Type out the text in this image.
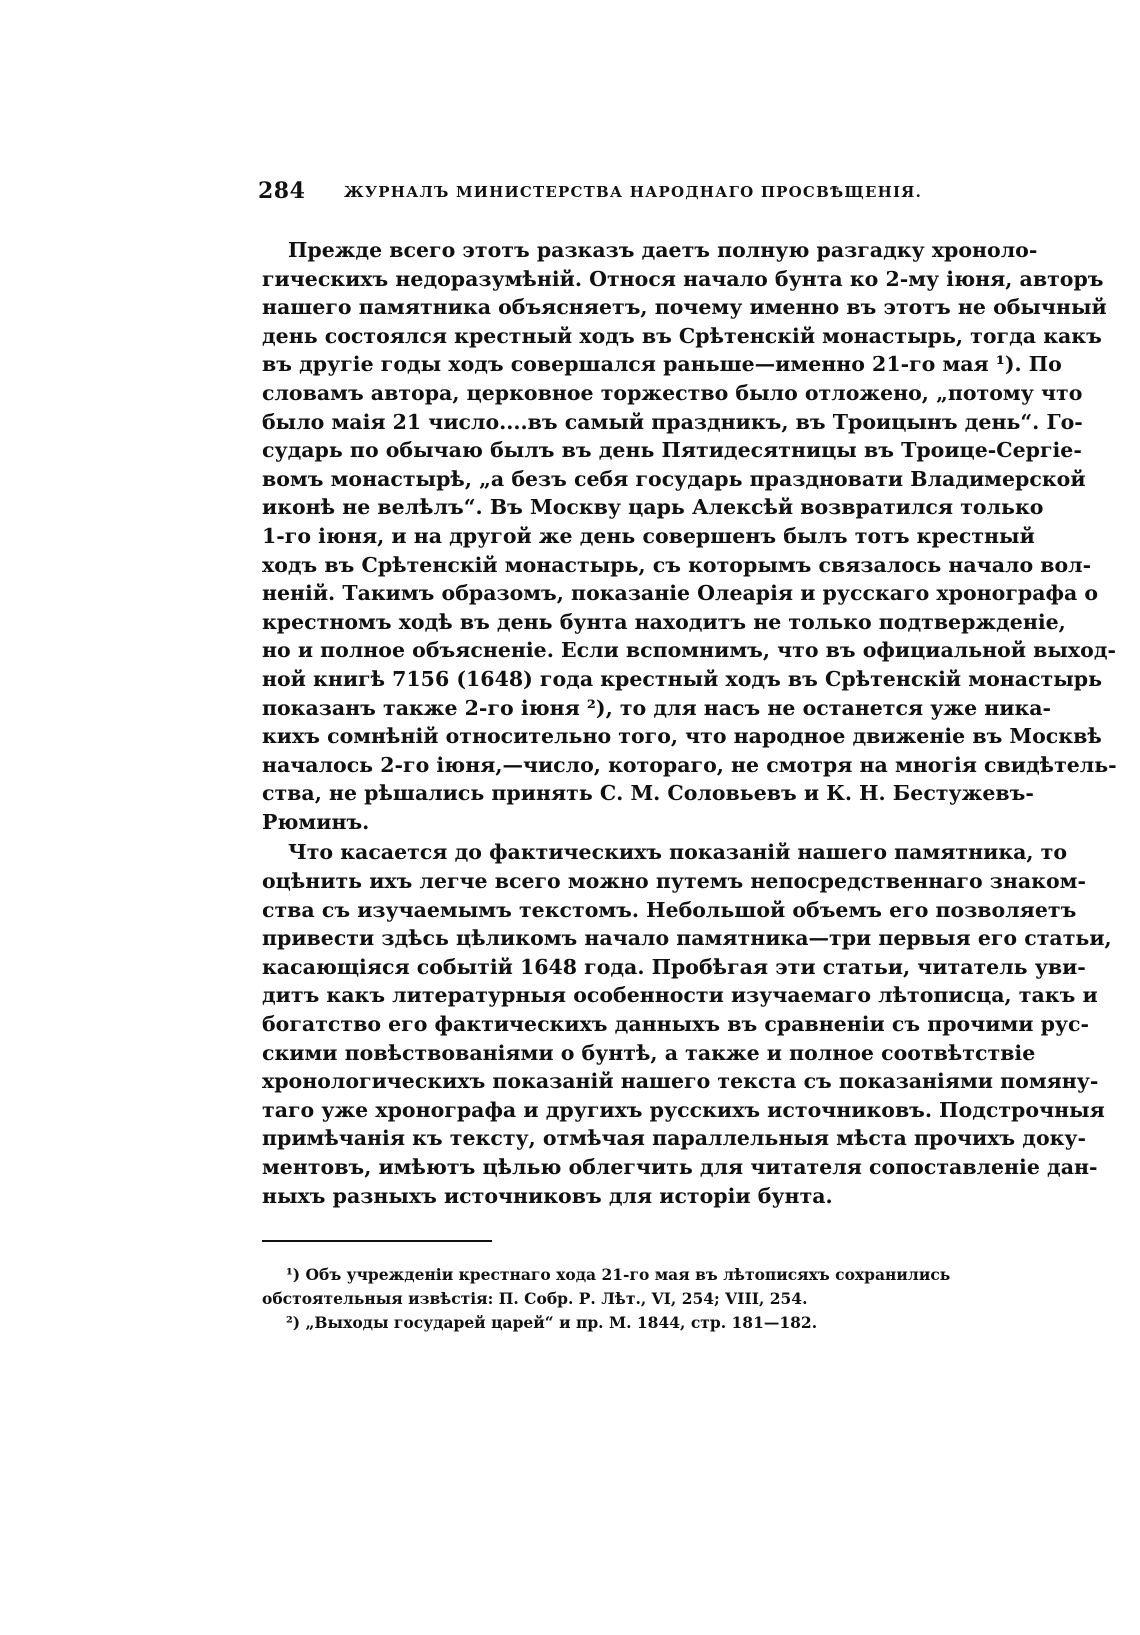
284	ЖУРНАЛЪ МИНИСТЕРСТВА НАРОДНАГО ПРОСВѢЩЕНІЯ.
Прежде всего этотъ разказъ даетъ полную разгадку хроноло-
гическихъ недоразумѣній. Относя начало бунта ко 2-му іюня, авторъ
нашего памятника объясняетъ, почему именно въ этотъ не обычный
день состоялся крестный ходъ въ Срѣтенскій монастырь, тогда какъ
въ другіе годы ходъ совершался раньше—именно 21-го мая ¹). По
словамъ автора, церковное торжество было отложено, „потому что
было маія 21 число....въ самый праздникъ, въ Троицынъ день“. Го-
сударь по обычаю былъ въ день Пятидесятницы въ Троице-Сергіе-
вомъ монастырѣ, „а безъ себя государь праздновати Владимерской
иконѣ не велѣлъ“. Въ Москву царь Алексѣй возвратился только
1-го іюня, и на другой же день совершенъ былъ тотъ крестный
ходъ въ Срѣтенскій монастырь, съ которымъ связалось начало вол-
неній. Такимъ образомъ, показаніе Олеарія и русскаго хронографа о
крестномъ ходѣ въ день бунта находитъ не только подтвержденіе,
но и полное объясненіе. Если вспомнимъ, что въ официальной выход-
ной книгѣ 7156 (1648) года крестный ходъ въ Срѣтенскій монастырь
показанъ также 2-го іюня ²), то для насъ не останется уже ника-
кихъ сомнѣній относительно того, что народное движеніе въ Москвѣ
началось 2-го іюня,—число, котораго, не смотря на многія свидѣтель-
ства, не рѣшались принять С. М. Соловьевъ и К. Н. Бестужевъ-
Рюминъ.
Что касается до фактическихъ показаній нашего памятника, то
оцѣнить ихъ легче всего можно путемъ непосредственнаго знаком-
ства съ изучаемымъ текстомъ. Небольшой объемъ его позволяетъ
привести здѣсь цѣликомъ начало памятника—три первыя его статьи,
касающіяся событій 1648 года. Пробѣгая эти статьи, читатель уви-
дитъ какъ литературныя особенности изучаемаго лѣтописца, такъ и
богатство его фактическихъ данныхъ въ сравненіи съ прочими рус-
скими повѣствованіями о бунтѣ, а также и полное соотвѣтствіе
хронологическихъ показаній нашего текста съ показаніями помяну-
таго уже хронографа и другихъ русскихъ источниковъ. Подстрочныя
примѣчанія къ тексту, отмѣчая параллельныя мѣста прочихъ доку-
ментовъ, имѣютъ цѣлью облегчить для читателя сопоставленіе дан-
ныхъ разныхъ источниковъ для исторіи бунта.
¹) Объ учрежденіи крестнаго хода 21-го мая въ лѣтописяхъ сохранились
обстоятельныя извѣстія: П. Собр. Р. Лѣт., VI, 254; VIII, 254.
²) „Выходы государей царей“ и пр. М. 1844, стр. 181—182.
